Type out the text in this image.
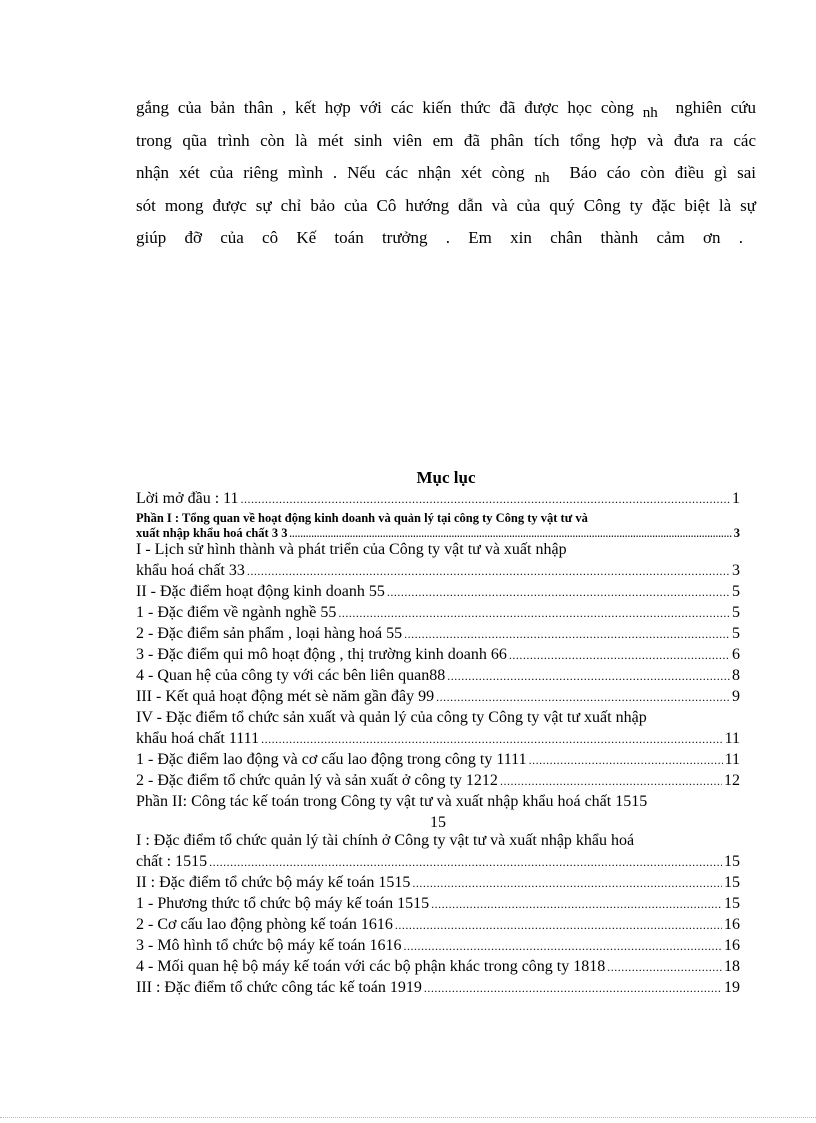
gắng của bản thân , kết hợp với các kiến thức đã được học còng nh nghiên cứu
trong qũa trình còn là mét sinh viên em đã phân tích tổng hợp và đưa ra các
nhận xét của riêng mình . Nếu các nhận xét còng nh Báo cáo còn điều gì sai
sót mong được sự chỉ bảo của Cô hướng dẫn và của quý Công ty đặc biệt là sự
giúp đỡ của cô Kế toán trưởng . Em xin chân thành cảm ơn .
Mục lục
Lời mở đầu : 11 .....	1
Phần I : Tổng quan về hoạt động kinh doanh và quản lý tại công ty Công ty vật tư và
xuất nhập khẩu hoá chất 3 3 .....	3
I - Lịch sử hình thành và phát triển của Công ty vật tư và xuất nhập
khẩu hoá chất 33 .....	3
II - Đặc điểm hoạt động kinh doanh 55 .....	5
1 - Đặc điểm về ngành nghề 55 .....	5
2 - Đặc điểm sản phẩm , loại hàng hoá 55 .....	5
3 - Đặc điểm qui mô hoạt động , thị trường kinh doanh 66 .....	6
4 - Quan hệ của công ty với các bên liên quan88 .....	8
III - Kết quả hoạt động mét sè năm gần đây 99 .....	9
IV - Đặc điểm tổ chức sản xuất và quản lý của công ty Công ty vật tư xuất nhập
khẩu hoá chất 1111 .....	11
1 - Đặc điểm lao động và cơ cấu lao động trong công ty 1111 .....	11
2 - Đặc điểm tổ chức quản lý và sản xuất ở công ty 1212 .....	12
Phần II: Công tác kế toán trong Công ty vật tư và xuất nhập khẩu hoá chất 1515
15
I : Đặc điểm tổ chức quản lý tài chính ở Công ty vật tư và xuất nhập khẩu hoá
chất : 1515 .....	15
II : Đặc điểm tổ chức bộ máy kế toán 1515 .....	15
1 - Phương thức tổ chức bộ máy kế toán 1515 .....	15
2 - Cơ cấu lao động phòng kế toán 1616 .....	16
3 - Mô hình tổ chức bộ máy kế toán 1616 .....	16
4 - Mối quan hệ bộ máy kế toán với các bộ phận khác trong công ty 1818 .....	18
III : Đặc điểm tổ chức công tác kế toán 1919 .....	19
